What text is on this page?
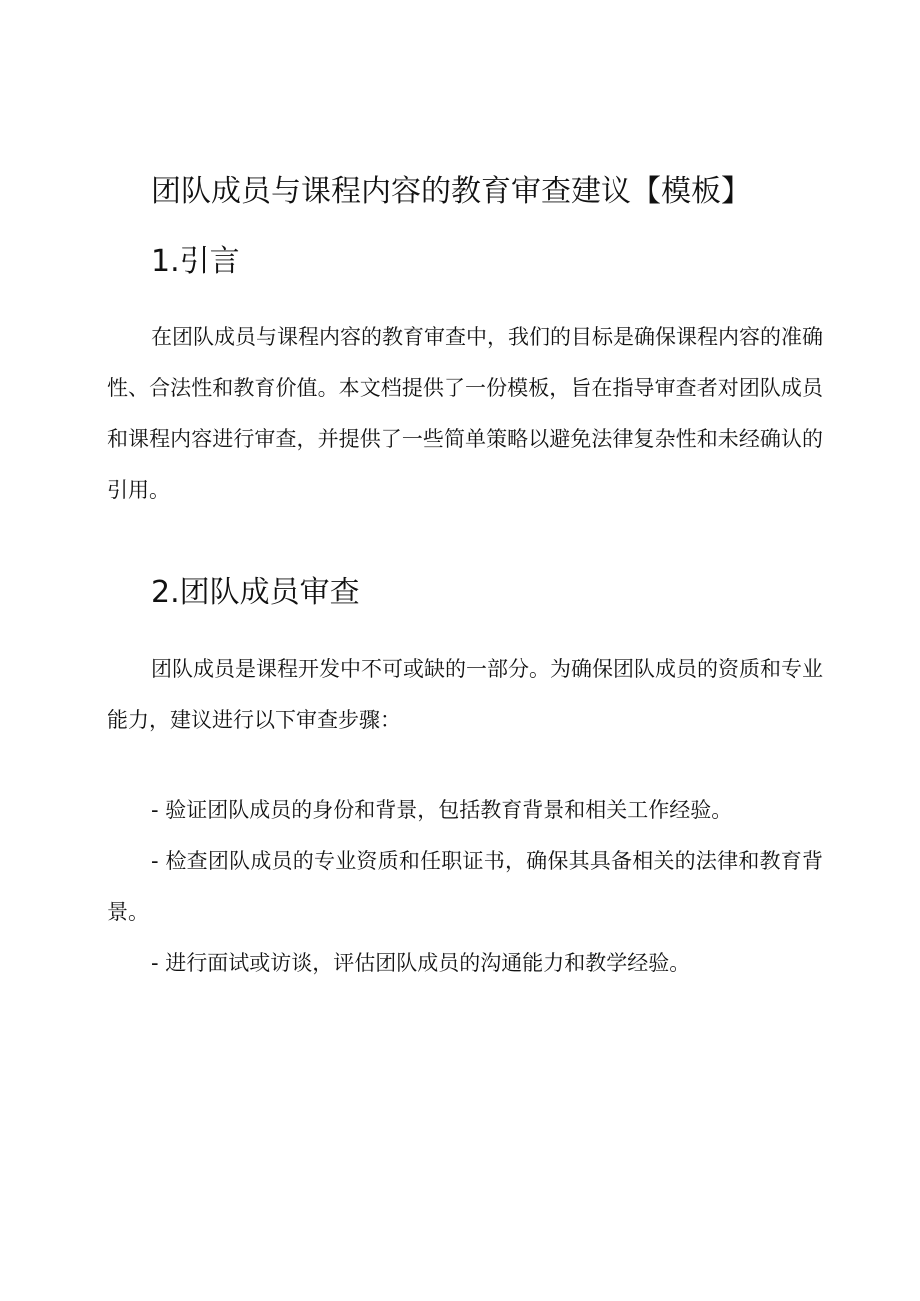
团队成员与课程内容的教育审查建议【模板】
1.引言

在团队成员与课程内容的教育审查中，我们的目标是确保课程内容的准确性、合法性和教育价值。本文档提供了一份模板，旨在指导审查者对团队成员和课程内容进行审查，并提供了一些简单策略以避免法律复杂性和未经确认的引用。

2.团队成员审查

团队成员是课程开发中不可或缺的一部分。为确保团队成员的资质和专业能力，建议进行以下审查步骤：

- 验证团队成员的身份和背景，包括教育背景和相关工作经验。
- 检查团队成员的专业资质和任职证书，确保其具备相关的法律和教育背景。
- 进行面试或访谈，评估团队成员的沟通能力和教学经验。
